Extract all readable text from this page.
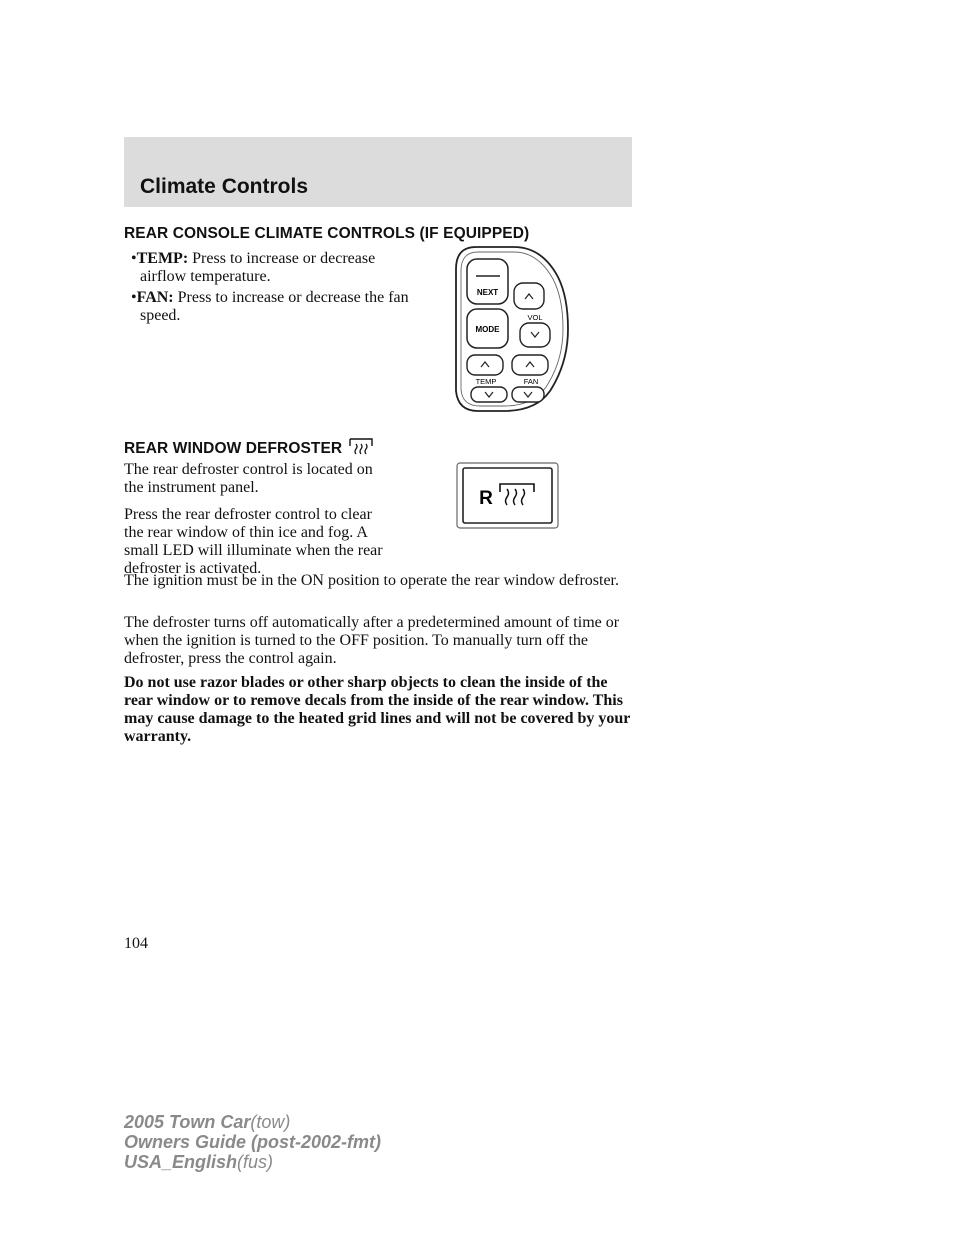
Climate Controls
REAR CONSOLE CLIMATE CONTROLS (IF EQUIPPED)

•TEMP: Press to increase or decrease airflow temperature.

•FAN: Press to increase or decrease the fan speed.

NEXT
MODE
VOL
TEMP	FAN
REAR WINDOW DEFROSTER

The rear defroster control is located on the instrument panel.

Press the rear defroster control to clear the rear window of thin ice and fog. A small LED will illuminate when the rear defroster is activated.

R

The ignition must be in the ON position to operate the rear window defroster.

The defroster turns off automatically after a predetermined amount of time or when the ignition is turned to the OFF position. To manually turn off the defroster, press the control again.

Do not use razor blades or other sharp objects to clean the inside of the rear window or to remove decals from the inside of the rear window. This may cause damage to the heated grid lines and will not be covered by your warranty.

104

2005 Town Car(tow)
Owners Guide (post-2002-fmt)
USA_English(fus)
